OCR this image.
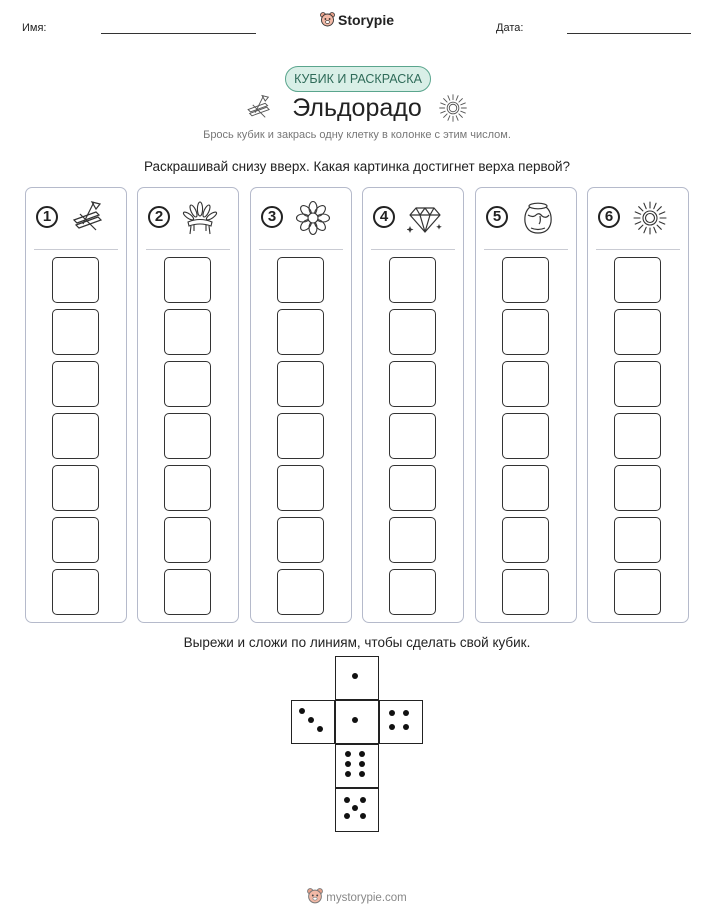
Имя:	Storypie	Дата:
КУБИК И РАСКРАСКА
Эльдорадо
Брось кубик и закрась одну клетку в колонке с этим числом.
Раскрашивай снизу вверх. Какая картинка достигнет верха первой?
1	2	3	4	5	6
Вырежи и сложи по линиям, чтобы сделать свой кубик.
mystorypie.com
